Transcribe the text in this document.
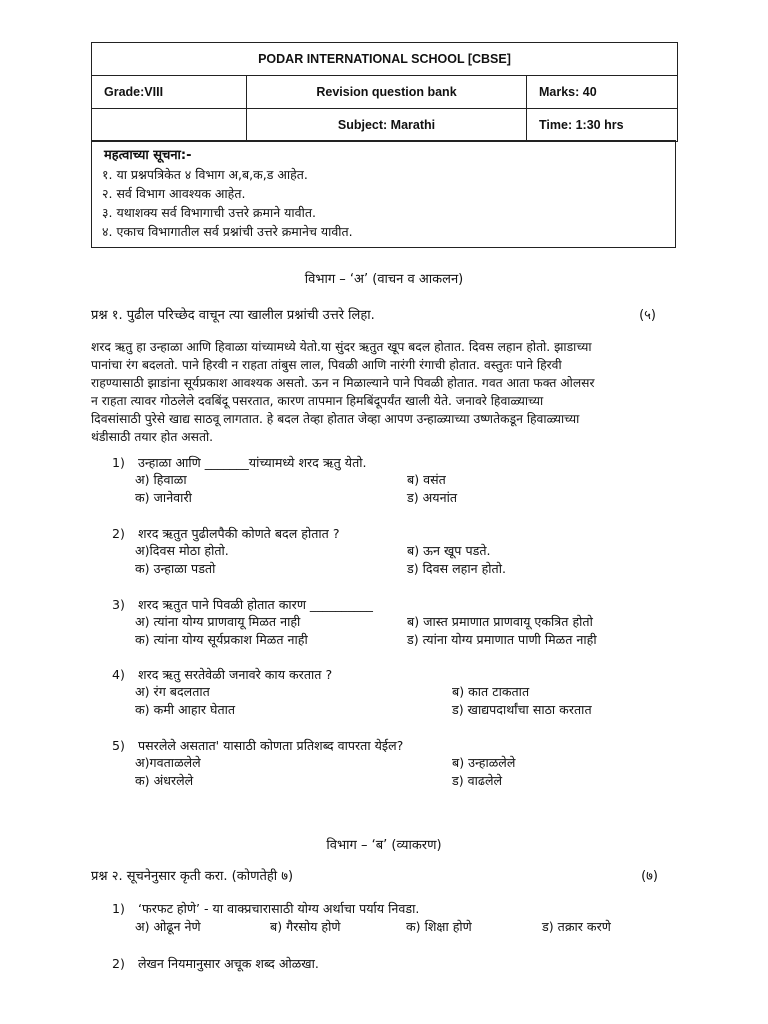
PODAR INTERNATIONAL SCHOOL [CBSE]		
Grade:VIII	Revision question bank	Marks: 40
	Subject: Marathi	Time: 1:30 hrs
महत्वाच्या सूचना:-
१. या प्रश्नपत्रिकेत ४ विभाग अ,ब,क,ड आहेत.
२. सर्व विभाग आवश्यक आहेत.
३. यथाशक्य सर्व विभागाची उत्तरे क्रमाने यावीत.
४. एकाच विभागातील सर्व प्रश्नांची उत्तरे क्रमानेच यावीत.
विभाग – ‘अ’ (वाचन व आकलन)
प्रश्न १. पुढील परिच्छेद वाचून त्या खालील प्रश्नांची उत्तरे लिहा.	(५)
शरद ऋतु हा उन्हाळा आणि हिवाळा यांच्यामध्ये येतो.या सुंदर ऋतुत खूप बदल होतात. दिवस लहान होतो. झाडाच्या
पानांचा रंग बदलतो. पाने हिरवी न राहता तांबुस लाल, पिवळी आणि नारंगी रंगाची होतात. वस्तुतः पाने हिरवी
राहण्यासाठी झाडांना सूर्यप्रकाश आवश्यक असतो. ऊन न मिळाल्याने पाने पिवळी होतात. गवत आता फक्त ओलसर
न राहता त्यावर गोठलेले दवबिंदू पसरतात, कारण तापमान हिमबिंदूपर्यंत खाली येते. जनावरे हिवाळ्याच्या
दिवसांसाठी पुरेसे खाद्य साठवू लागतात. हे बदल तेव्हा होतात जेव्हा आपण उन्हाळ्याच्या उष्णतेकडून हिवाळ्याच्या
थंडीसाठी तयार होत असतो.
1)	उन्हाळा आणि _______यांच्यामध्ये शरद ऋतु येतो.
अ) हिवाळा	ब) वसंत
क) जानेवारी	ड) अयनांत
2)	शरद ऋतुत पुढीलपैकी कोणते बदल होतात ?
अ)दिवस मोठा होतो.	ब) ऊन खूप पडते.
क) उन्हाळा पडतो	ड) दिवस लहान होतो.
3)	शरद ऋतुत पाने पिवळी होतात कारण __________
अ) त्यांना योग्य प्राणवायू मिळत नाही	ब) जास्त प्रमाणात प्राणवायू एकत्रित होतो
क) त्यांना योग्य सूर्यप्रकाश मिळत नाही	ड) त्यांना योग्य प्रमाणात पाणी मिळत नाही
4)	शरद ऋतु सरतेवेळी जनावरे काय करतात ?
अ) रंग बदलतात	ब) कात टाकतात
क) कमी आहार घेतात	ड) खाद्यपदार्थांचा साठा करतात
5)	पसरलेले असतात' यासाठी कोणता प्रतिशब्द वापरता येईल?
अ)गवताळलेले	ब) उन्हाळलेले
क) अंधरलेले	ड) वाढलेले
विभाग – ‘ब’ (व्याकरण)
प्रश्न २. सूचनेनुसार कृती करा. (कोणतेही ७)	(७)
1)	‘फरफट होणे’ - या वाक्प्रचारासाठी योग्य अर्थाचा पर्याय निवडा.
अ) ओढून नेणे	ब) गैरसोय होणे	क) शिक्षा होणे	ड) तक्रार करणे
2)	लेखन नियमानुसार अचूक शब्द ओळखा.
